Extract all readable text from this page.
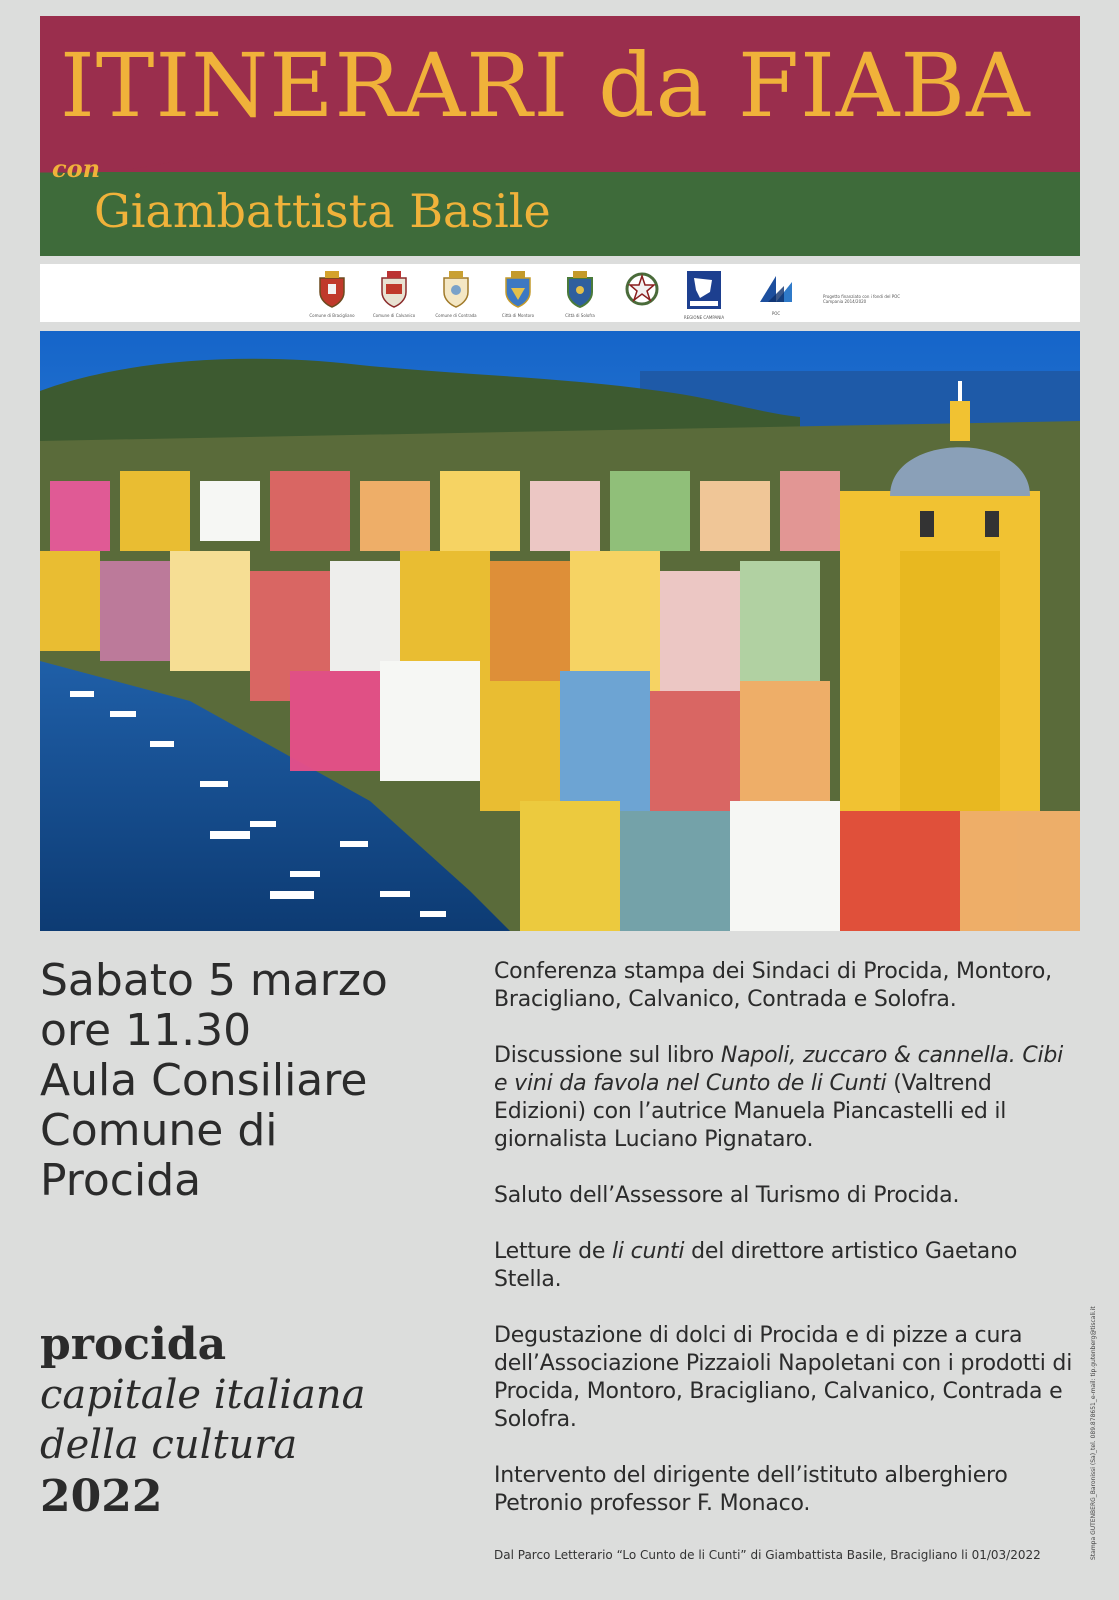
ITINERARI da FIABA
con
Giambattista Basile
Comune di Bracigliano	Comune di Calvanico	Comune di Contrada	Città di Montoro	Città di Solofra	REGIONE CAMPANIA
POC
Progetto finanziato con i fondi del POC Campania 2014/2020
Sabato 5 marzo
ore 11.30
Aula Consiliare
Comune di
Procida
procida
capitale italiana
della cultura
2022

Conferenza stampa dei Sindaci di Procida, Montoro, Bracigliano, Calvanico, Contrada e Solofra.

Discussione sul libro Napoli, zuccaro & cannella. Cibi e vini da favola nel Cunto de li Cunti (Valtrend Edizioni) con l’autrice Manuela Piancastelli ed il giornalista Luciano Pignataro.

Saluto dell’Assessore al Turismo di Procida.

Letture de li cunti del direttore artistico Gaetano Stella.

Degustazione di dolci di Procida e di pizze a cura dell’Associazione Pizzaioli Napoletani con i prodotti di Procida, Montoro, Bracigliano, Calvanico, Contrada e Solofra.

Intervento del dirigente dell’istituto alberghiero Petronio professor F. Monaco.

Dal Parco Letterario “Lo Cunto de li Cunti” di Giambattista Basile, Bracigliano li 01/03/2022	Stampa GUTENBERG_Baronissi (Sa)_tel. 089.878651_e-mail: tip.gutenberg@tiscali.it
